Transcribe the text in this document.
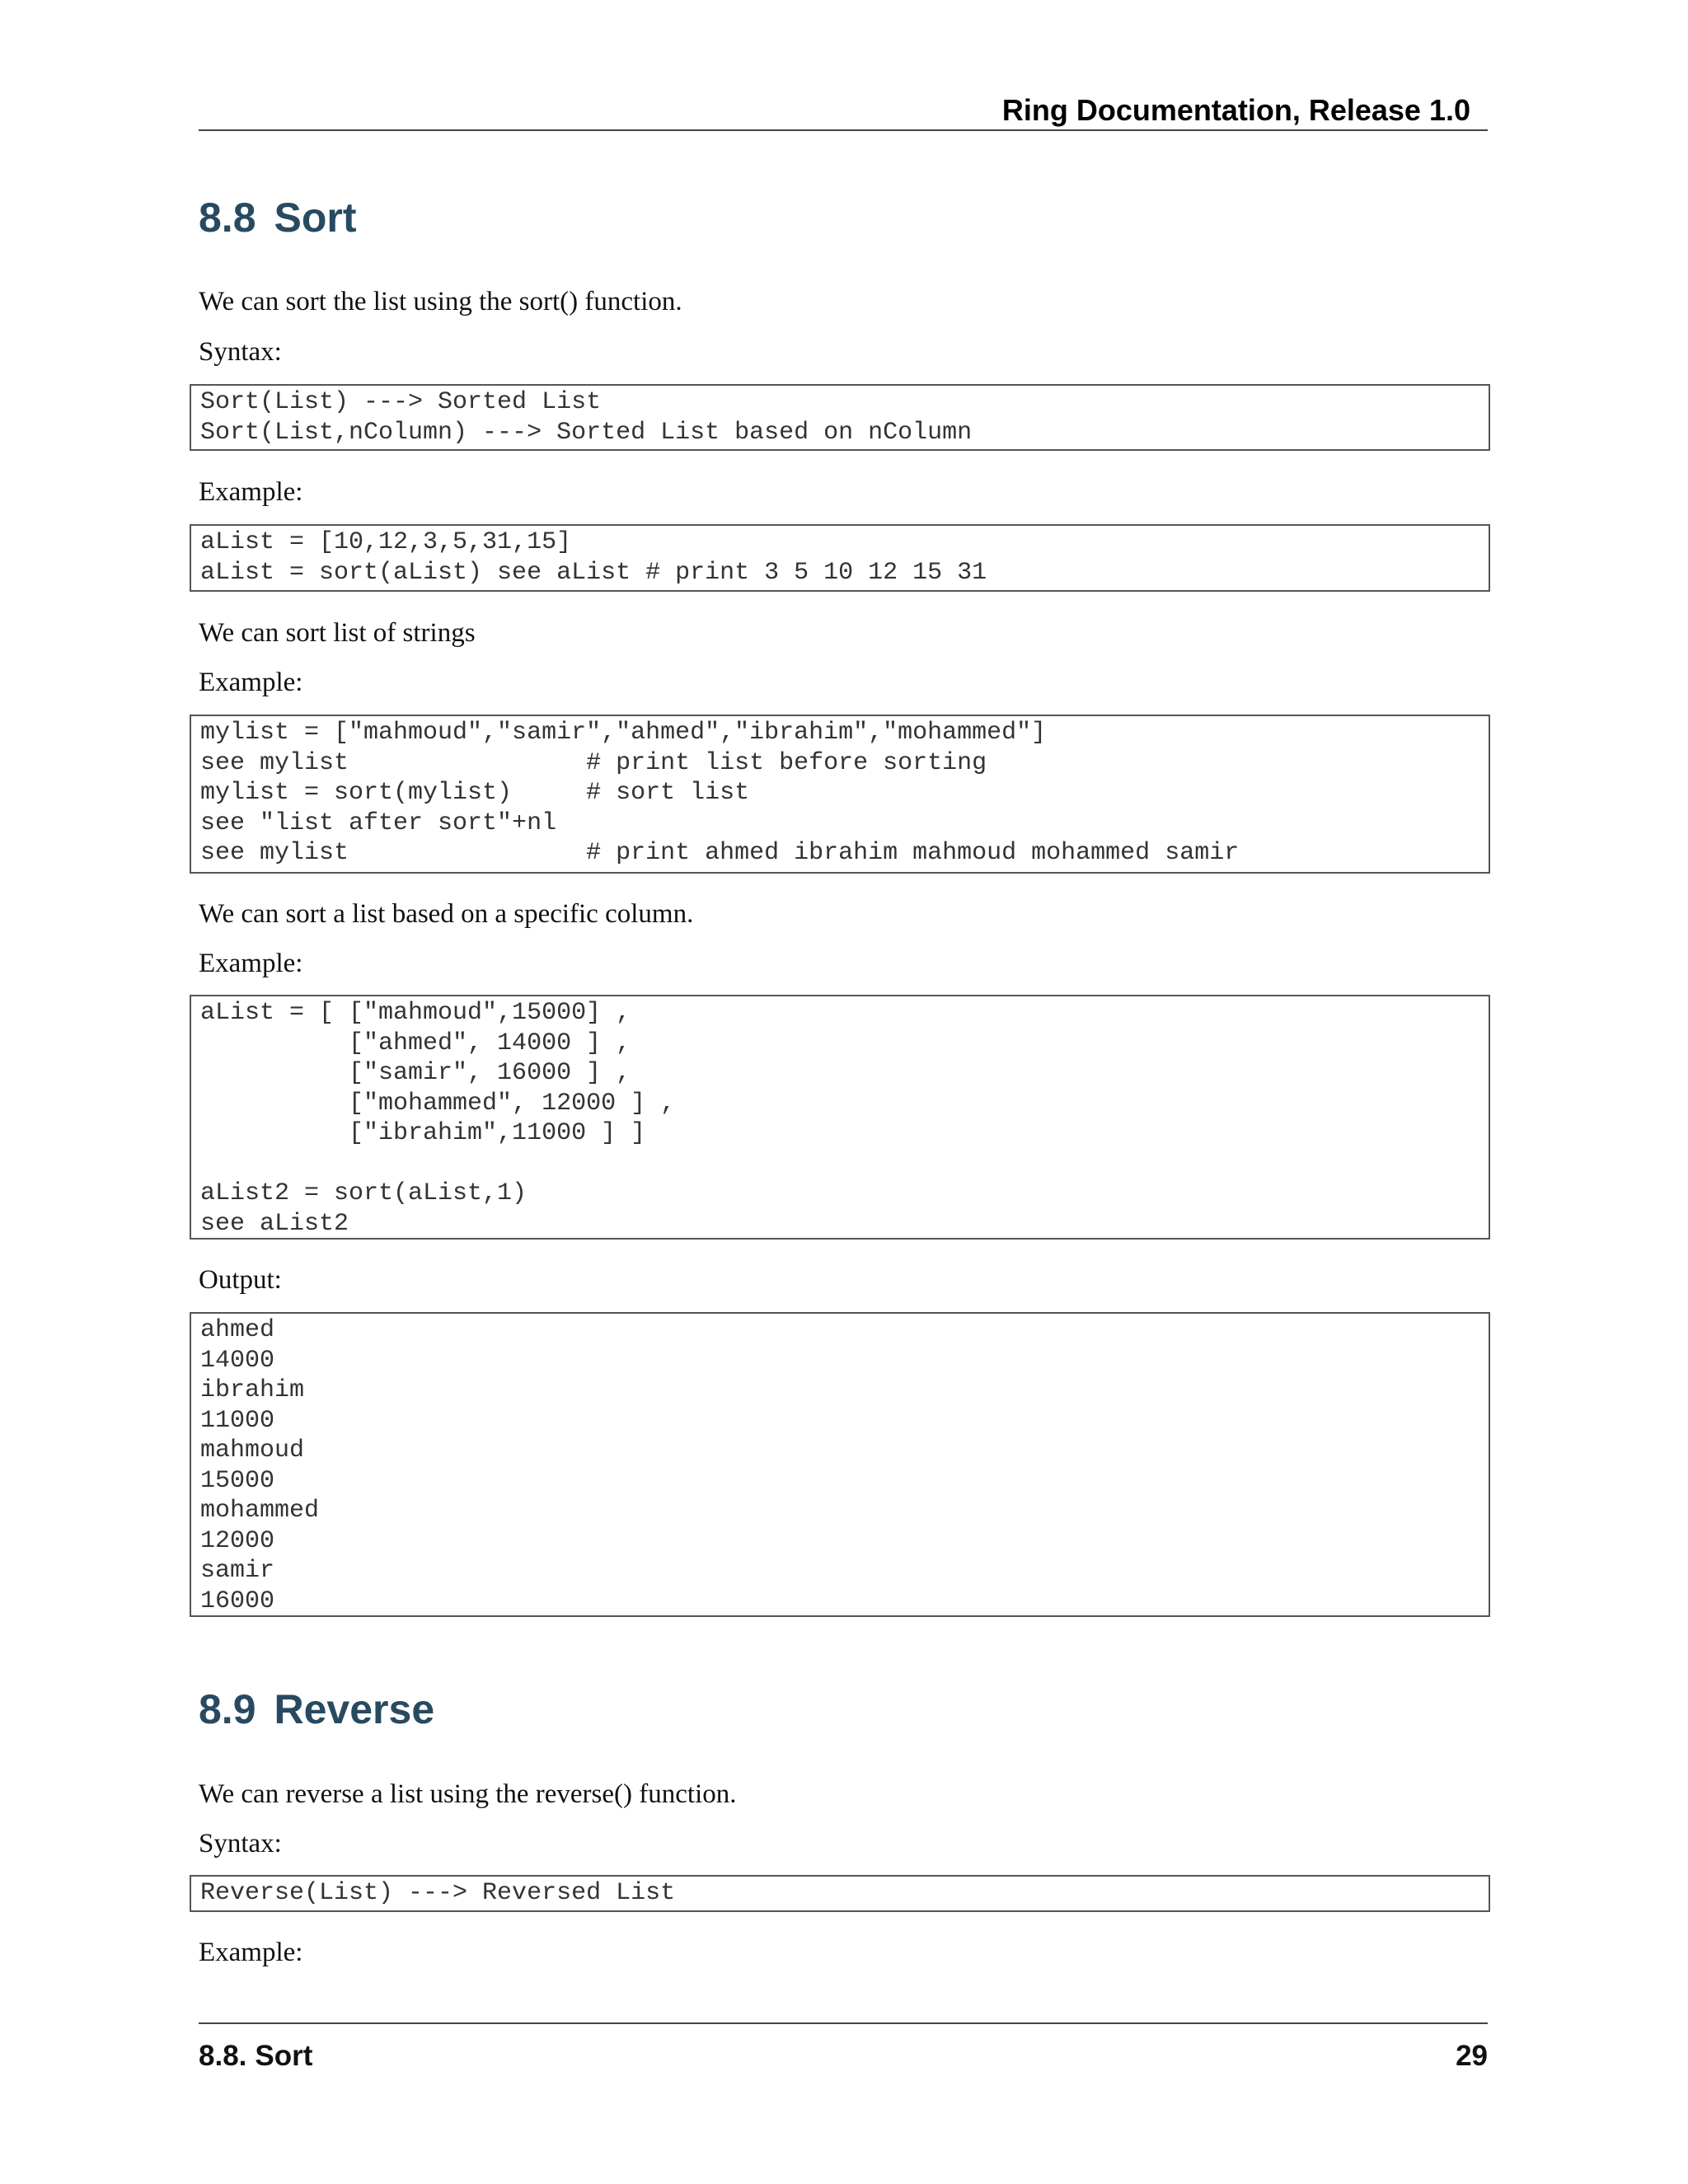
Ring Documentation, Release 1.0
8.8 Sort

We can sort the list using the sort() function.

Syntax:

Sort(List) ---> Sorted List
Sort(List,nColumn) ---> Sorted List based on nColumn

Example:

aList = [10,12,3,5,31,15]
aList = sort(aList) see aList # print 3 5 10 12 15 31

We can sort list of strings

Example:

mylist = ["mahmoud","samir","ahmed","ibrahim","mohammed"]
see mylist                # print list before sorting
mylist = sort(mylist)     # sort list
see "list after sort"+nl
see mylist                # print ahmed ibrahim mahmoud mohammed samir

We can sort a list based on a specific column.

Example:

aList = [ ["mahmoud",15000] ,
["ahmed", 14000 ] ,
["samir", 16000 ] ,
["mohammed", 12000 ] ,
["ibrahim",11000 ] ]

aList2 = sort(aList,1)
see aList2

Output:

ahmed
14000
ibrahim
11000
mahmoud
15000
mohammed
12000
samir
16000
8.9 Reverse

We can reverse a list using the reverse() function.

Syntax:

Reverse(List) ---> Reversed List

Example:

8.8. Sort	29
